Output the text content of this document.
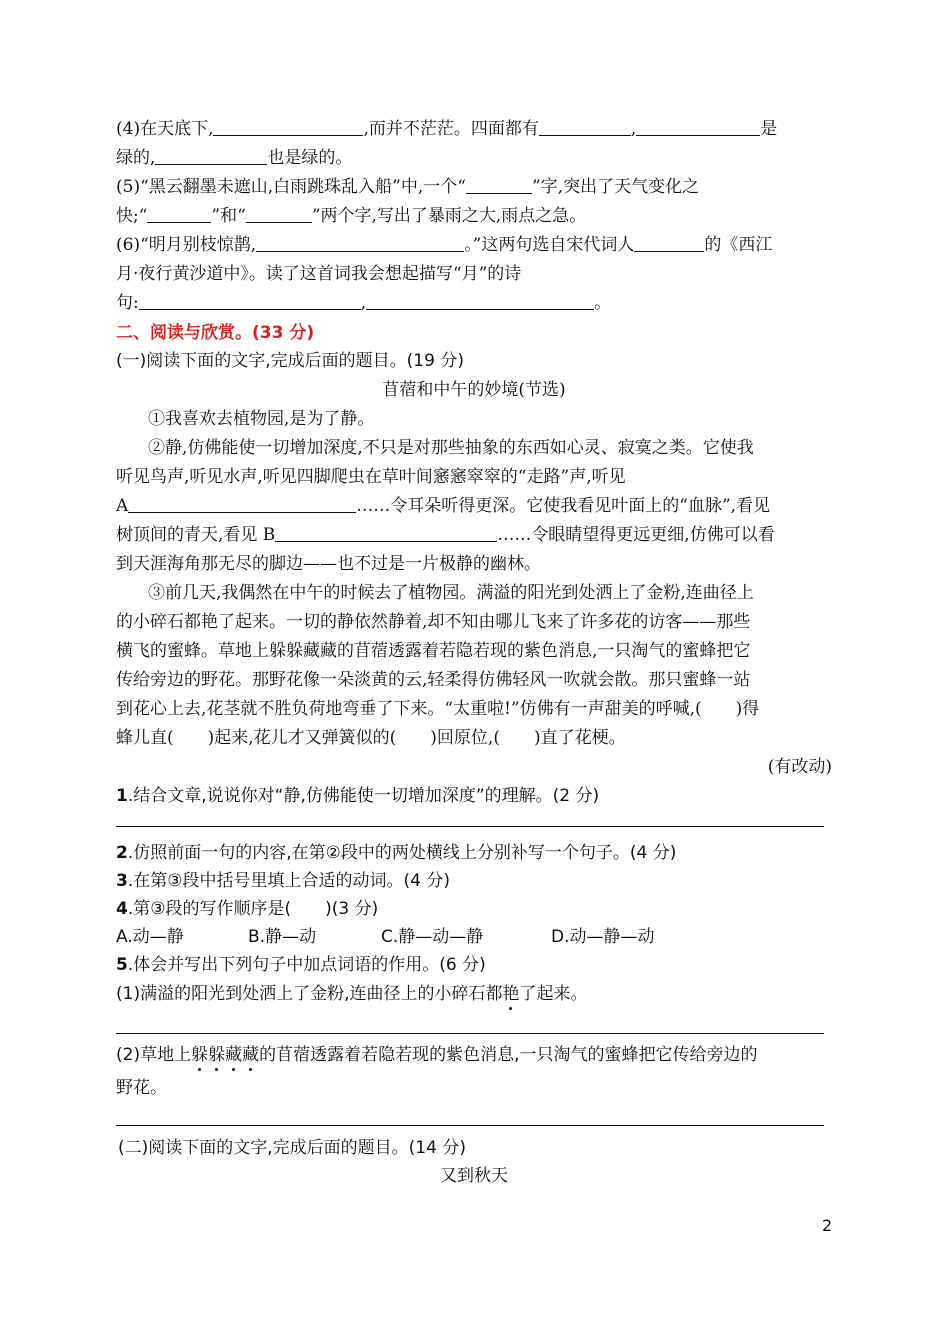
(4)在天底下,	,而并不茫茫。四面都有	,	是
绿的,	也是绿的。
(5)“黑云翻墨未遮山,白雨跳珠乱入船”中,一个“	”字,突出了天气变化之
快;“	”和“	”两个字,写出了暴雨之大,雨点之急。
(6)“明月别枝惊鹊,	。”这两句选自宋代词人	的《西江
月·夜行黄沙道中》。读了这首词我会想起描写“月”的诗
句:	,	。
二、阅读与欣赏。(33 分)
(一)阅读下面的文字,完成后面的题目。(19 分)
苜蓿和中午的妙境(节选)
①我喜欢去植物园,是为了静。
②静,仿佛能使一切增加深度,不只是对那些抽象的东西如心灵、寂寞之类。它使我
听见鸟声,听见水声,听见四脚爬虫在草叶间窸窸窣窣的“走路”声,听见
A	……令耳朵听得更深。它使我看见叶面上的“血脉”,看见
树顶间的青天,看见 B	……令眼睛望得更远更细,仿佛可以看
到天涯海角那无尽的脚边——也不过是一片极静的幽林。
③前几天,我偶然在中午的时候去了植物园。满溢的阳光到处洒上了金粉,连曲径上
的小碎石都艳了起来。一切的静依然静着,却不知由哪儿飞来了许多花的访客——那些
横飞的蜜蜂。草地上躲躲藏藏的苜蓿透露着若隐若现的紫色消息,一只淘气的蜜蜂把它
传给旁边的野花。那野花像一朵淡黄的云,轻柔得仿佛轻风一吹就会散。那只蜜蜂一站
到花心上去,花茎就不胜负荷地弯垂了下来。“太重啦!”仿佛有一声甜美的呼喊,(　　)得
蜂儿直(　　)起来,花儿才又弹簧似的(　　)回原位,(　　)直了花梗。
(有改动)
1.结合文章,说说你对“静,仿佛能使一切增加深度”的理解。(2 分)
2.仿照前面一句的内容,在第②段中的两处横线上分别补写一个句子。(4 分)
3.在第③段中括号里填上合适的动词。(4 分)
4.第③段的写作顺序是(　　)(3 分)
A.动—静	B.静—动	C.静—动—静	D.动—静—动
5.体会并写出下列句子中加点词语的作用。(6 分)
(1)满溢的阳光到处洒上了金粉,连曲径上的小碎石都艳了起来。
(2)草地上躲躲藏藏的苜蓿透露着若隐若现的紫色消息,一只淘气的蜜蜂把它传给旁边的
野花。
(二)阅读下面的文字,完成后面的题目。(14 分)
又到秋天
2
